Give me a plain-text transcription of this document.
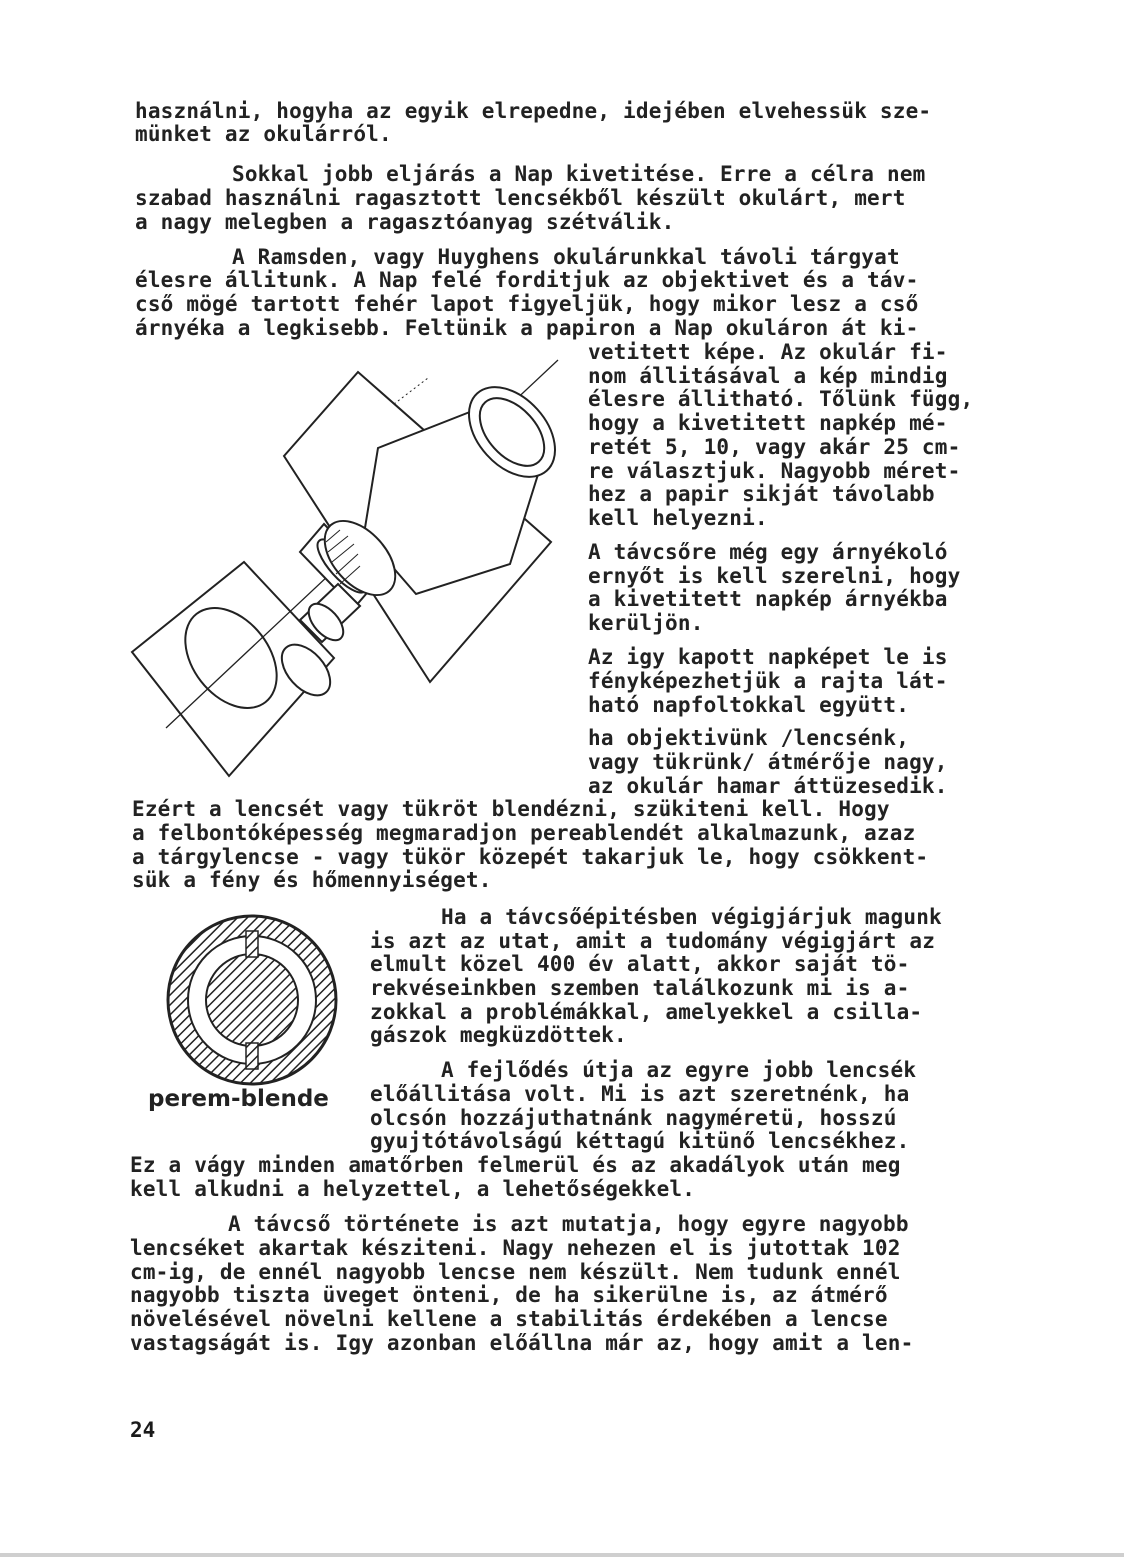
használni, hogyha az egyik elrepedne, idejében elvehessük sze-
münket az okulárról.
Sokkal jobb eljárás a Nap kivetitése. Erre a célra nem
szabad használni ragasztott lencsékből készült okulárt, mert
a nagy melegben a ragasztóanyag szétválik.
A Ramsden, vagy Huyghens okulárunkkal távoli tárgyat
élesre állitunk. A Nap felé forditjuk az objektivet és a táv-
cső mögé tartott fehér lapot figyeljük, hogy mikor lesz a cső
árnyéka a legkisebb. Feltünik a papiron a Nap okuláron át ki-
vetitett képe. Az okulár fi-
nom állitásával a kép mindig
élesre állitható. Tőlünk függ,
hogy a kivetitett napkép mé-
retét 5, 10, vagy akár 25 cm-
re választjuk. Nagyobb méret-
hez a papir sikját távolabb
kell helyezni.
A távcsőre még egy árnyékoló
ernyőt is kell szerelni, hogy
a kivetitett napkép árnyékba
kerüljön.
Az igy kapott napképet le is
fényképezhetjük a rajta lát-
ható napfoltokkal együtt.
ha objektivünk /lencsénk,
vagy tükrünk/ átmérője nagy,
az okulár hamar áttüzesedik.
Ezért a lencsét vagy tükröt blendézni, szükiteni kell. Hogy
a felbontóképesség megmaradjon pereablendét alkalmazunk, azaz
a tárgylencse - vagy tükör közepét takarjuk le, hogy csökkent-
sük a fény és hőmennyiséget.
Ha a távcsőépitésben végigjárjuk magunk
is azt az utat, amit a tudomány végigjárt az
elmult közel 400 év alatt, akkor saját tö-
rekvéseinkben szemben találkozunk mi is a-
zokkal a problémákkal, amelyekkel a csilla-
gászok megküzdöttek.
A fejlődés útja az egyre jobb lencsék
előállitása volt. Mi is azt szeretnénk, ha
olcsón hozzájuthatnánk nagyméretü, hosszú
gyujtótávolságú kéttagú kitünő lencsékhez.
Ez a vágy minden amatőrben felmerül és az akadályok után meg
kell alkudni a helyzettel, a lehetőségekkel.
A távcső története is azt mutatja, hogy egyre nagyobb
lencséket akartak késziteni. Nagy nehezen el is jutottak 102
cm-ig, de ennél nagyobb lencse nem készült. Nem tudunk ennél
nagyobb tiszta üveget önteni, de ha sikerülne is, az átmérő
növelésével növelni kellene a stabilitás érdekében a lencse
vastagságát is. Igy azonban előállna már az, hogy amit a len-
perem-blende
24
